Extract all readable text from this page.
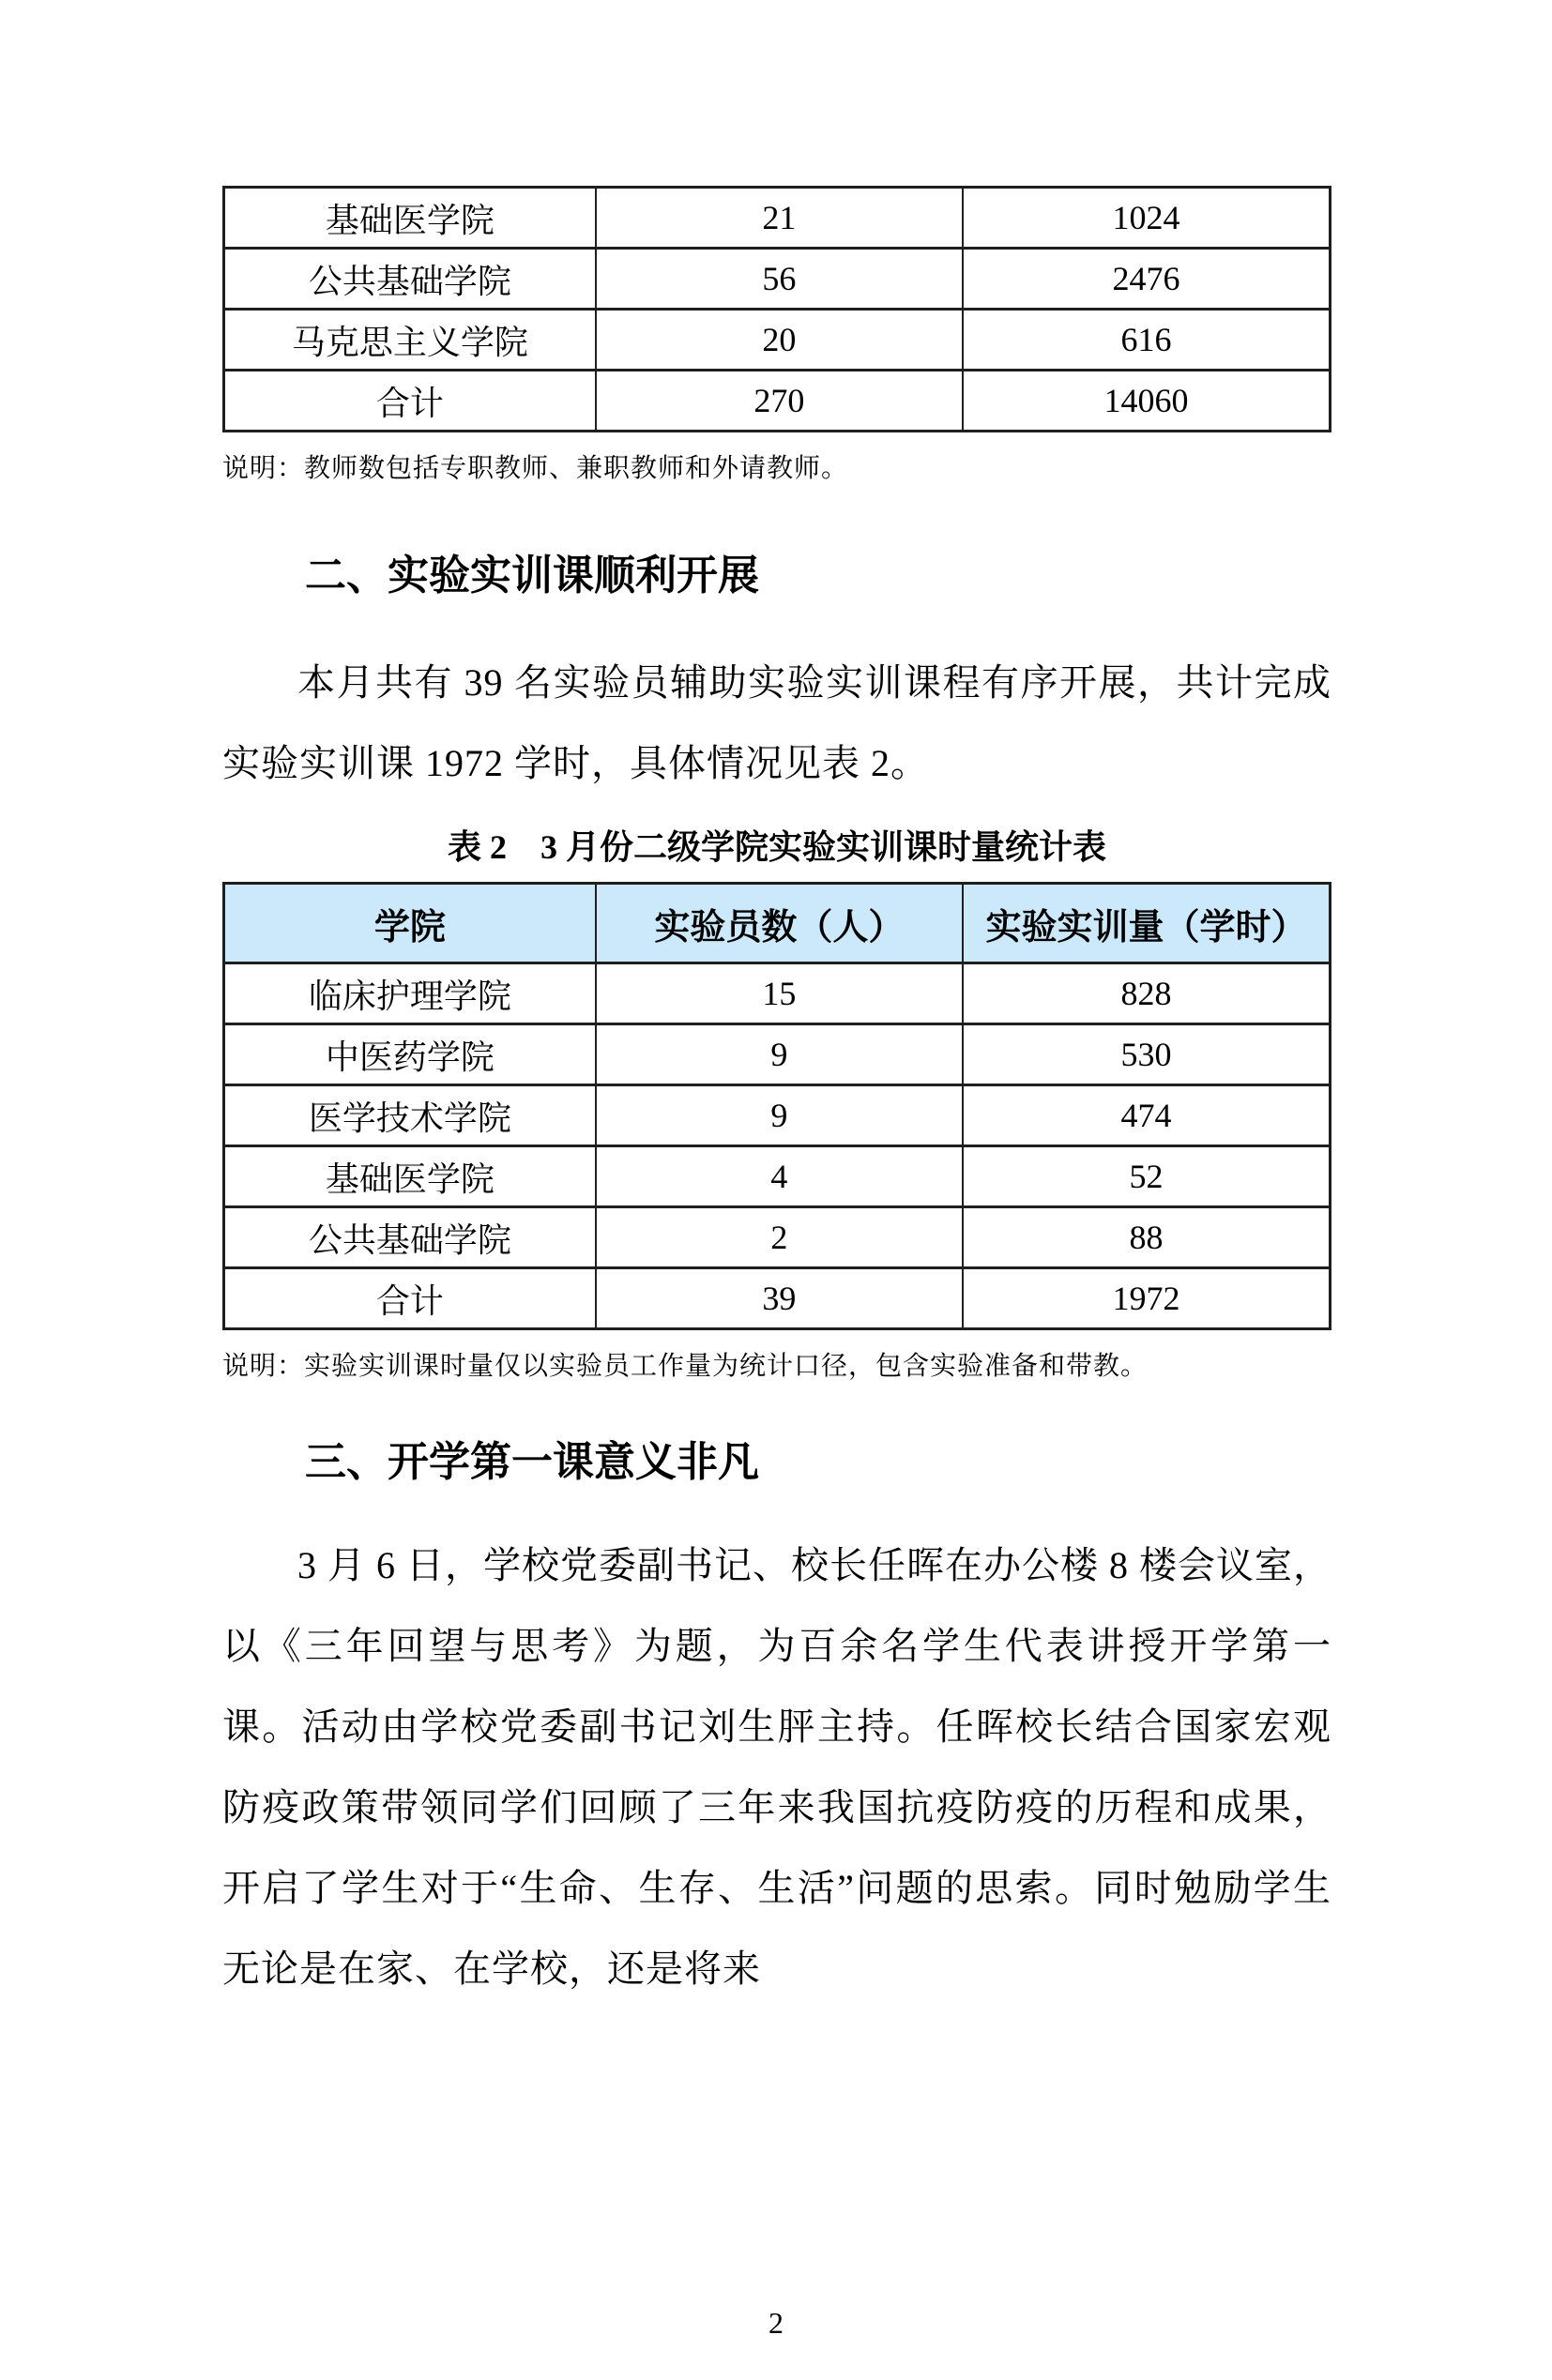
基础医学院	21	1024
公共基础学院	56	2476
马克思主义学院	20	616
合计	270	14060
说明：教师数包括专职教师、兼职教师和外请教师。
二、实验实训课顺利开展
本月共有 39 名实验员辅助实验实训课程有序开展，共计完成实验实训课 1972 学时，具体情况见表 2。
表 2　3 月份二级学院实验实训课时量统计表
学院	实验员数（人）	实验实训量（学时）
临床护理学院	15	828
中医药学院	9	530
医学技术学院	9	474
基础医学院	4	52
公共基础学院	2	88
合计	39	1972
说明：实验实训课时量仅以实验员工作量为统计口径，包含实验准备和带教。
三、开学第一课意义非凡
3 月 6 日，学校党委副书记、校长任晖在办公楼 8 楼会议室，以《三年回望与思考》为题，为百余名学生代表讲授开学第一课。活动由学校党委副书记刘生胓主持。任晖校长结合国家宏观防疫政策带领同学们回顾了三年来我国抗疫防疫的历程和成果，开启了学生对于“生命、生存、生活”问题的思索。同时勉励学生无论是在家、在学校，还是将来
2
